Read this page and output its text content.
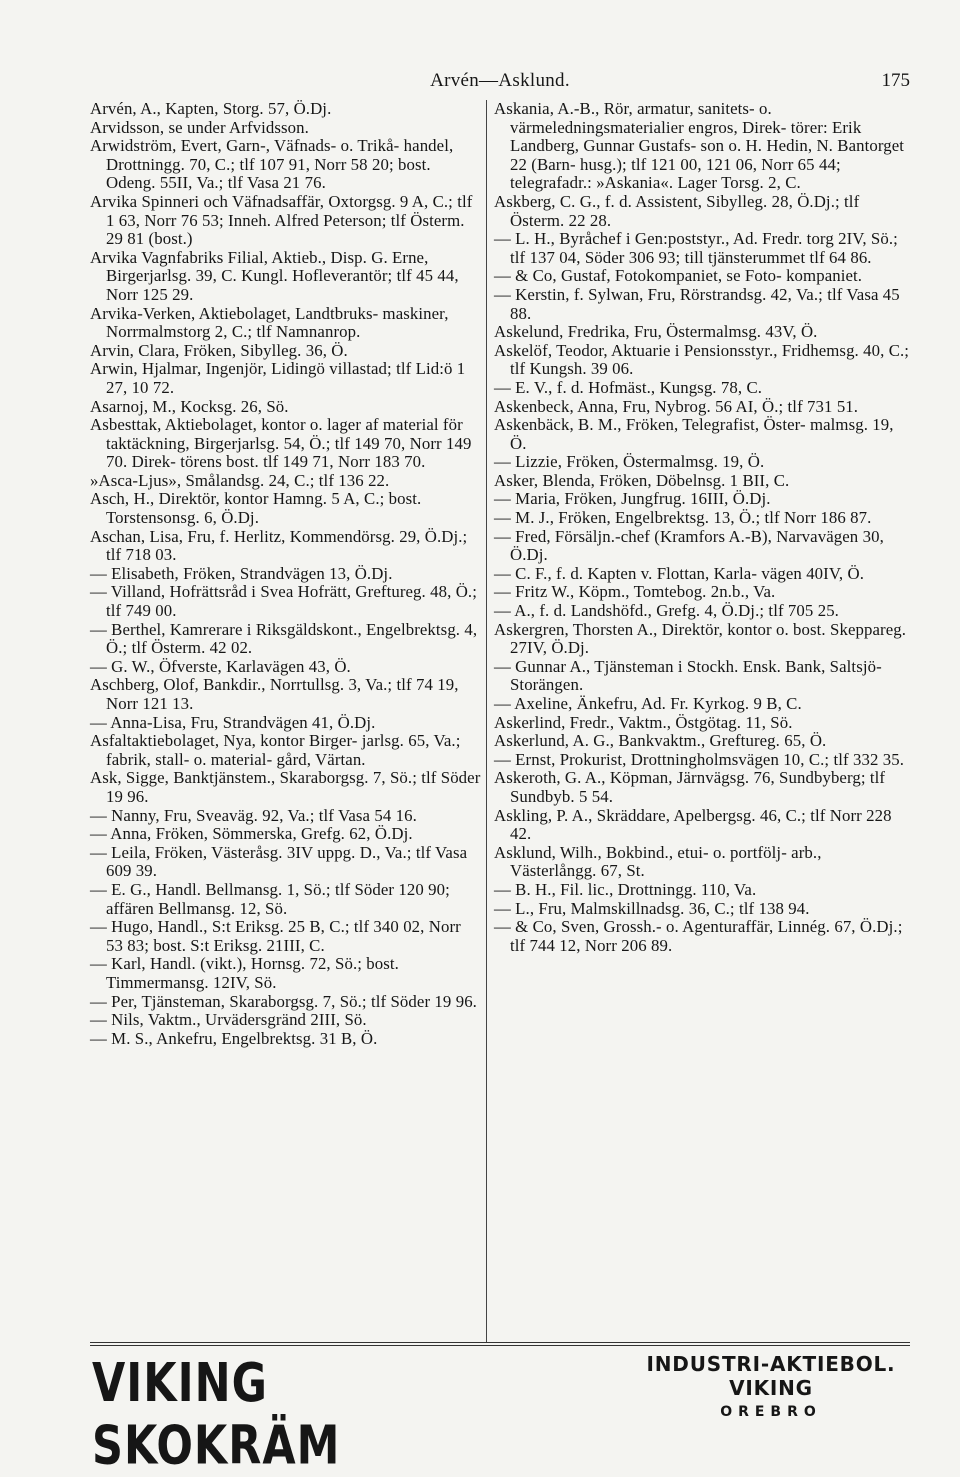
Arvén—Asklund.	175
Arvén, A., Kapten, Storg. 57, Ö.Dj.
Arvidsson, se under Arfvidsson.
Arwidström, Evert, Garn-, Väfnads- o. Trikå- handel, Drottningg. 70, C.; tlf 107 91, Norr 58 20; bost. Odeng. 55II, Va.; tlf Vasa 21 76.
Arvika Spinneri och Väfnadsaffär, Oxtorgsg. 9 A, C.; tlf 1 63, Norr 76 53; Inneh. Alfred Peterson; tlf Österm. 29 81 (bost.)
Arvika Vagnfabriks Filial, Aktieb., Disp. G. Erne, Birgerjarlsg. 39, C. Kungl. Hofleverantör; tlf 45 44, Norr 125 29.
Arvika-Verken, Aktiebolaget, Landtbruks- maskiner, Norrmalmstorg 2, C.; tlf Namnanrop.
Arvin, Clara, Fröken, Sibylleg. 36, Ö.
Arwin, Hjalmar, Ingenjör, Lidingö villastad; tlf Lid:ö 1 27, 10 72.
Asarnoj, M., Kocksg. 26, Sö.
Asbesttak, Aktiebolaget, kontor o. lager af material för taktäckning, Birgerjarlsg. 54, Ö.; tlf 149 70, Norr 149 70. Direk- törens bost. tlf 149 71, Norr 183 70.
»Asca-Ljus», Smålandsg. 24, C.; tlf 136 22.
Asch, H., Direktör, kontor Hamng. 5 A, C.; bost. Torstensonsg. 6, Ö.Dj.
Aschan, Lisa, Fru, f. Herlitz, Kommendörsg. 29, Ö.Dj.; tlf 718 03.
— Elisabeth, Fröken, Strandvägen 13, Ö.Dj.
— Villand, Hofrättsråd i Svea Hofrätt, Greftureg. 48, Ö.; tlf 749 00.
— Berthel, Kamrerare i Riksgäldskont., Engelbrektsg. 4, Ö.; tlf Österm. 42 02.
— G. W., Öfverste, Karlavägen 43, Ö.
Aschberg, Olof, Bankdir., Norrtullsg. 3, Va.; tlf 74 19, Norr 121 13.
— Anna-Lisa, Fru, Strandvägen 41, Ö.Dj.
Asfaltaktiebolaget, Nya, kontor Birger- jarlsg. 65, Va.; fabrik, stall- o. material- gård, Värtan.
Ask, Sigge, Banktjänstem., Skaraborgsg. 7, Sö.; tlf Söder 19 96.
— Nanny, Fru, Sveaväg. 92, Va.; tlf Vasa 54 16.
— Anna, Fröken, Sömmerska, Grefg. 62, Ö.Dj.
— Leila, Fröken, Västeråsg. 3IV uppg. D., Va.; tlf Vasa 609 39.
— E. G., Handl. Bellmansg. 1, Sö.; tlf Söder 120 90; affären Bellmansg. 12, Sö.
— Hugo, Handl., S:t Eriksg. 25 B, C.; tlf 340 02, Norr 53 83; bost. S:t Eriksg. 21III, C.
— Karl, Handl. (vikt.), Hornsg. 72, Sö.; bost. Timmermansg. 12IV, Sö.
— Per, Tjänsteman, Skaraborgsg. 7, Sö.; tlf Söder 19 96.
— Nils, Vaktm., Urvädersgränd 2III, Sö.
— M. S., Ankefru, Engelbrektsg. 31 B, Ö.
Askania, A.-B., Rör, armatur, sanitets- o. värmeledningsmaterialier engros, Direk- törer: Erik Landberg, Gunnar Gustafs- son o. H. Hedin, N. Bantorget 22 (Barn- husg.); tlf 121 00, 121 06, Norr 65 44; telegrafadr.: »Askania«. Lager Torsg. 2, C.
Askberg, C. G., f. d. Assistent, Sibylleg. 28, Ö.Dj.; tlf Österm. 22 28.
— L. H., Byråchef i Gen:poststyr., Ad. Fredr. torg 2IV, Sö.; tlf 137 04, Söder 306 93; till tjänsterummet tlf 64 86.
— & Co, Gustaf, Fotokompaniet, se Foto- kompaniet.
— Kerstin, f. Sylwan, Fru, Rörstrandsg. 42, Va.; tlf Vasa 45 88.
Askelund, Fredrika, Fru, Östermalmsg. 43V, Ö.
Askelöf, Teodor, Aktuarie i Pensionsstyr., Fridhemsg. 40, C.; tlf Kungsh. 39 06.
— E. V., f. d. Hofmäst., Kungsg. 78, C.
Askenbeck, Anna, Fru, Nybrog. 56 AI, Ö.; tlf 731 51.
Askenbäck, B. M., Fröken, Telegrafist, Öster- malmsg. 19, Ö.
— Lizzie, Fröken, Östermalmsg. 19, Ö.
Asker, Blenda, Fröken, Döbelnsg. 1 BII, C.
— Maria, Fröken, Jungfrug. 16III, Ö.Dj.
— M. J., Fröken, Engelbrektsg. 13, Ö.; tlf Norr 186 87.
— Fred, Försäljn.-chef (Kramfors A.-B), Narvavägen 30, Ö.Dj.
— C. F., f. d. Kapten v. Flottan, Karla- vägen 40IV, Ö.
— Fritz W., Köpm., Tomtebog. 2n.b., Va.
— A., f. d. Landshöfd., Grefg. 4, Ö.Dj.; tlf 705 25.
Askergren, Thorsten A., Direktör, kontor o. bost. Skeppareg. 27IV, Ö.Dj.
— Gunnar A., Tjänsteman i Stockh. Ensk. Bank, Saltsjö-Storängen.
— Axeline, Änkefru, Ad. Fr. Kyrkog. 9 B, C.
Askerlind, Fredr., Vaktm., Östgötag. 11, Sö.
Askerlund, A. G., Bankvaktm., Greftureg. 65, Ö.
— Ernst, Prokurist, Drottningholmsvägen 10, C.; tlf 332 35.
Askeroth, G. A., Köpman, Järnvägsg. 76, Sundbyberg; tlf Sundbyb. 5 54.
Askling, P. A., Skräddare, Apelbergsg. 46, C.; tlf Norr 228 42.
Asklund, Wilh., Bokbind., etui- o. portfölj- arb., Västerlångg. 67, St.
— B. H., Fil. lic., Drottningg. 110, Va.
— L., Fru, Malmskillnadsg. 36, C.; tlf 138 94.
— & Co, Sven, Grossh.- o. Agenturaffär, Linnég. 67, Ö.Dj.; tlf 744 12, Norr 206 89.
VIKING SKOKRÄM
INDUSTRI-AKTIEBOL. VIKING
OREBRO
